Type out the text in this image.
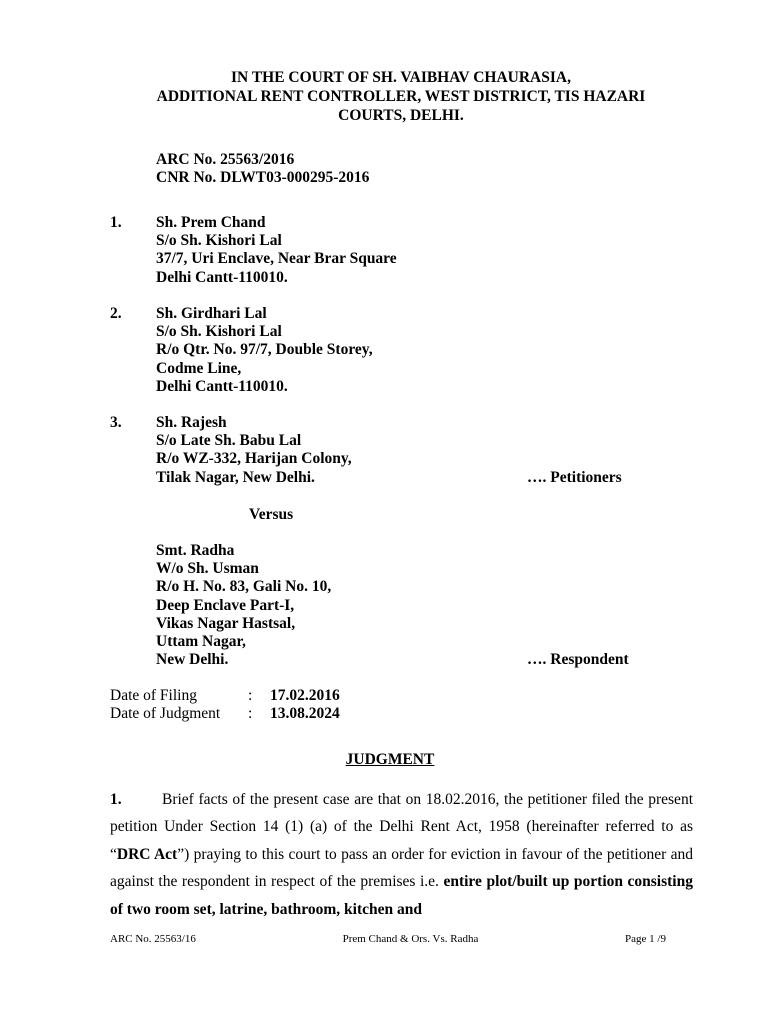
IN THE COURT OF SH. VAIBHAV CHAURASIA,
ADDITIONAL RENT CONTROLLER, WEST DISTRICT, TIS HAZARI
COURTS, DELHI.
ARC No. 25563/2016
CNR No. DLWT03-000295-2016
1. Sh. Prem Chand
S/o Sh. Kishori Lal
37/7, Uri Enclave, Near Brar Square
Delhi Cantt-110010.
2. Sh. Girdhari Lal
S/o Sh. Kishori Lal
R/o Qtr. No. 97/7, Double Storey,
Codme Line,
Delhi Cantt-110010.
3. Sh. Rajesh
S/o Late Sh. Babu Lal
R/o WZ-332, Harijan Colony,
Tilak Nagar, New Delhi.	…. Petitioners
Versus
Smt. Radha
W/o Sh. Usman
R/o H. No. 83, Gali No. 10,
Deep Enclave Part-I,
Vikas Nagar Hastsal,
Uttam Nagar,
New Delhi.	…. Respondent
Date of Filing	:	17.02.2016
Date of Judgment	:	13.08.2024
JUDGMENT
1.	Brief facts of the present case are that on 18.02.2016, the petitioner filed the present petition Under Section 14 (1) (a) of the Delhi Rent Act, 1958 (hereinafter referred to as “DRC Act”) praying to this court to pass an order for eviction in favour of the petitioner and against the respondent in respect of the premises i.e. entire plot/built up portion consisting of two room set, latrine, bathroom, kitchen and
ARC No. 25563/16	Prem Chand & Ors. Vs. Radha	Page 1 /9
